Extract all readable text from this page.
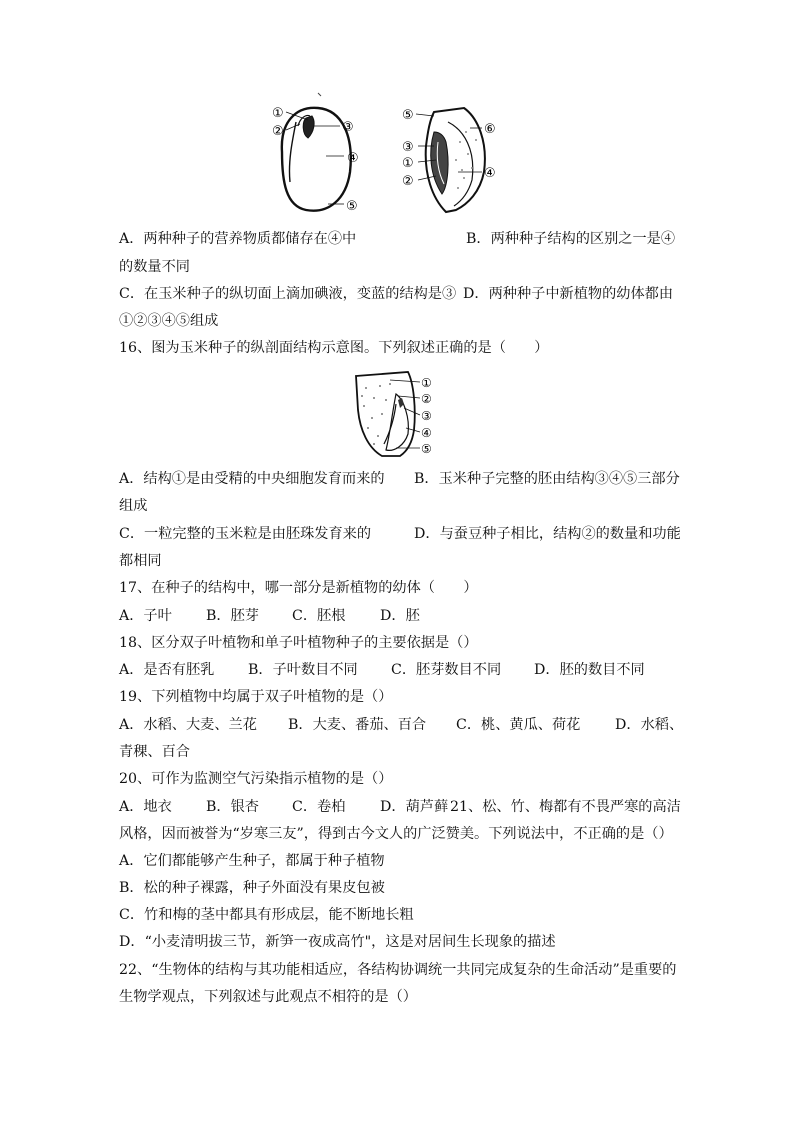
①
②	③
④
⑤
⑤
⑥
③
①
②
④
A．两种种子的营养物质都储存在④中	B．两种种子结构的区别之一是④
的数量不同
C．在玉米种子的纵切面上滴加碘液，变蓝的结构是③ D．两种种子中新植物的幼体都由
①②③④⑤组成
16、图为玉米种子的纵剖面结构示意图。下列叙述正确的是（　　）
①
②
③
④
⑤
A．结构①是由受精的中央细胞发育而来的 B．玉米种子完整的胚由结构③④⑤三部分
组成
C．一粒完整的玉米粒是由胚珠发育来的	D．与蚕豆种子相比，结构②的数量和功能
都相同
17、在种子的结构中，哪一部分是新植物的幼体（　　）
A．子叶 B．胚芽 C．胚根 D．胚
18、区分双子叶植物和单子叶植物种子的主要依据是（）
A．是否有胚乳 B．子叶数目不同 C．胚芽数目不同 D．胚的数目不同
19、下列植物中均属于双子叶植物的是（）
A．水稻、大麦、兰花 B．大麦、番茄、百合 C．桃、黄瓜、荷花 D．水稻、
青稞、百合
20、可作为监测空气污染指示植物的是（）
A．地衣 B．银杏 C．卷柏 D．葫芦藓 21、松、竹、梅都有不畏严寒的高洁
风格，因而被誉为“岁寒三友”，得到古今文人的广泛赞美。下列说法中，不正确的是（）
A．它们都能够产生种子，都属于种子植物
B．松的种子裸露，种子外面没有果皮包被
C．竹和梅的茎中都具有形成层，能不断地长粗
D．“小麦清明拔三节，新笋一夜成高竹"，这是对居间生长现象的描述
22、“生物体的结构与其功能相适应，各结构协调统一共同完成复杂的生命活动”是重要的
生物学观点，下列叙述与此观点不相符的是（）
